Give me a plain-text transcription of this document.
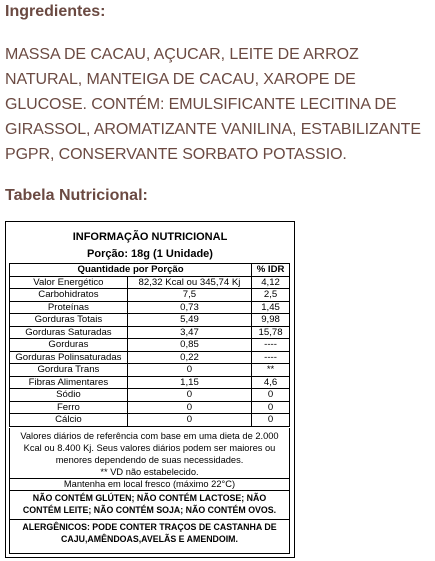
Ingredientes:

MASSA DE CACAU, AÇUCAR, LEITE DE ARROZ NATURAL, MANTEIGA DE CACAU, XAROPE DE GLUCOSE. CONTÉM: EMULSIFICANTE LECITINA DE GIRASSOL, AROMATIZANTE VANILINA, ESTABILIZANTE PGPR, CONSERVANTE SORBATO POTASSIO.

Tabela Nutricional:
INFORMAÇÃO NUTRICIONAL
Porção: 18g (1 Unidade)
Quantidade por Porção		% IDR
Valor Energético	82,32 Kcal ou 345,74 Kj	4,12
Carbohidratos	7,5	2,5
Proteínas	0,73	1,45
Gorduras Totais	5,49	9,98
Gorduras Saturadas	3,47	15,78
Gorduras	0,85	----
Gorduras Polinsaturadas	0,22	----
Gordura Trans	0	**
Fibras Alimentares	1,15	4,6
Sódio	0	0
Ferro	0	0
Cálcio	0	0
Valores diários de referência com base em uma dieta de 2.000 Kcal ou 8.400 Kj. Seus valores diários podem ser maiores ou menores dependendo de suas necessidades.
** VD não estabelecido.
Mantenha em local fresco (máximo 22°C)
NÃO CONTÉM GLÚTEN; NÃO CONTÉM LACTOSE; NÃO CONTÉM LEITE; NÃO CONTÉM SOJA; NÃO CONTÉM OVOS.
ALERGÊNICOS: PODE CONTER TRAÇOS DE CASTANHA DE CAJU,AMÊNDOAS,AVELÃS E AMENDOIM.
